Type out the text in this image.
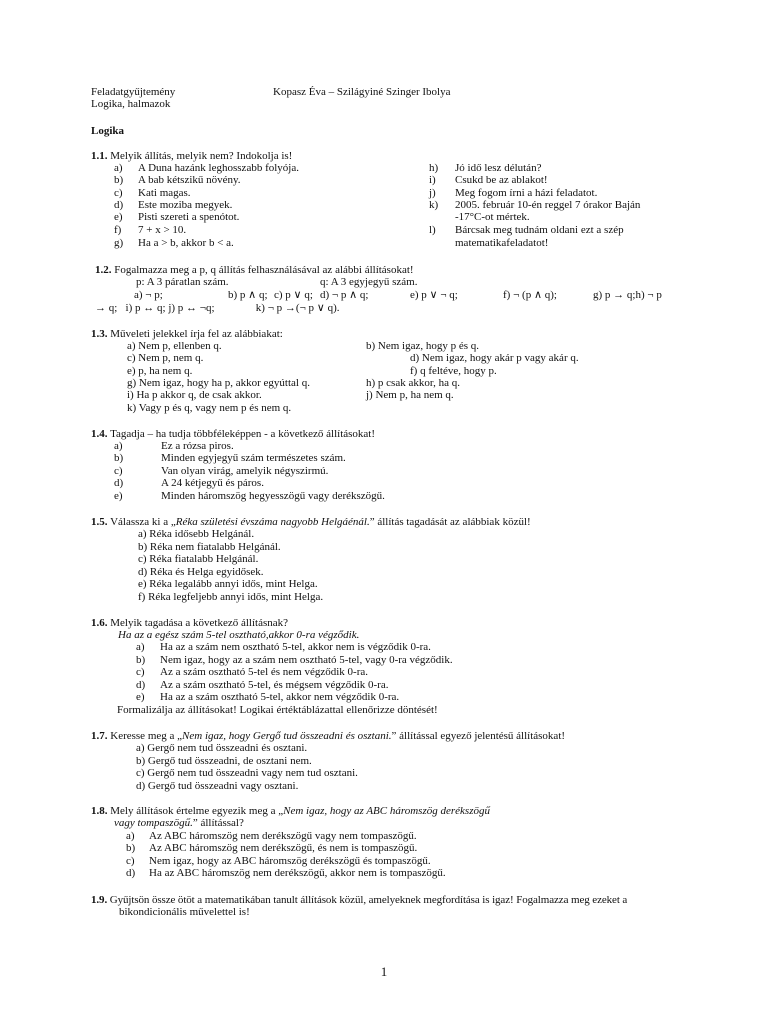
Feladatgyűjtemény
Logika, halmazok
Kopasz Éva – Szilágyiné Szinger Ibolya
Logika
1.1. Melyik állítás, melyik nem? Indokolja is!
a) A Duna hazánk leghosszabb folyója.
b) A bab kétszikű növény.
c) Kati magas.
d) Este moziba megyek.
e) Pisti szereti a spenótot.
f) 7 + x > 10.
g) Ha a > b, akkor b < a.
h) Jó idő lesz délután?
i) Csukd be az ablakot!
j) Meg fogom írni a házi feladatot.
k) 2005. február 10-én reggel 7 órakor Baján
-17°C-ot mértek.
l) Bárcsak meg tudnám oldani ezt a szép
matematikafeladatot!
1.2. Fogalmazza meg a p, q állítás felhasználásával az alábbi állításokat!
p: A 3 páratlan szám.	q: A 3 egyjegyű szám.
a) ¬ p;	b) p ∧ q; c) p ∨ q; d) ¬ p ∧ q;	e) p ∨ ¬ q;	f) ¬ (p ∧ q);	g) p → q;h) ¬ p
→ q;   i) p ↔ q; j) p ↔ ¬q;               k) ¬ p →(¬ p ∨ q).
1.3. Műveleti jelekkel írja fel az alábbiakat:
a) Nem p, ellenben q.	b) Nem igaz, hogy p és q.
c) Nem p, nem q.	d) Nem igaz, hogy akár p vagy akár q.
e) p, ha nem q.	f) q feltéve, hogy p.
g) Nem igaz, hogy ha p, akkor egyúttal q.	h) p csak akkor, ha q.
i) Ha p akkor q, de csak akkor.	j) Nem p, ha nem q.
k) Vagy p és q, vagy nem p és nem q.
1.4. Tagadja – ha tudja többféleképpen - a következő állításokat!
a)	Ez a rózsa piros.
b)	Minden egyjegyű szám természetes szám.
c)	Van olyan virág, amelyik négyszirmú.
d)	A 24 kétjegyű és páros.
e)	Minden háromszög hegyesszögű vagy derékszögű.
1.5. Válassza ki a „Réka születési évszáma nagyobb Helgáénál.” állítás tagadását az alábbiak közül!
a) Réka idősebb Helgánál.
b) Réka nem fiatalabb Helgánál.
c) Réka fiatalabb Helgánál.
d) Réka és Helga egyidősek.
e) Réka legalább annyi idős, mint Helga.
f) Réka legfeljebb annyi idős, mint Helga.
1.6. Melyik tagadása a következő állításnak?
Ha az a egész szám 5-tel osztható,akkor 0-ra végződik.
a) Ha az a szám nem osztható 5-tel, akkor nem is végződik 0-ra.
b) Nem igaz, hogy az a szám nem osztható 5-tel, vagy 0-ra végződik.
c) Az a szám osztható 5-tel és nem végződik 0-ra.
d) Az a szám osztható 5-tel, és mégsem végződik 0-ra.
e) Ha az a szám osztható 5-tel, akkor nem végződik 0-ra.
Formalizálja az állításokat! Logikai értéktáblázattal ellenőrizze döntését!
1.7. Keresse meg a „Nem igaz, hogy Gergő tud összeadni és osztani.” állítással egyező jelentésű állításokat!
a) Gergő nem tud összeadni és osztani.
b) Gergő tud összeadni, de osztani nem.
c) Gergő nem tud összeadni vagy nem tud osztani.
d) Gergő tud összeadni vagy osztani.
1.8. Mely állítások értelme egyezik meg a „Nem igaz, hogy az ABC háromszög derékszögű
vagy tompaszögű.” állítással?
a) Az ABC háromszög nem derékszögű vagy nem tompaszögű.
b) Az ABC háromszög nem derékszögű, és nem is tompaszögű.
c) Nem igaz, hogy az ABC háromszög derékszögű és tompaszögű.
d) Ha az ABC háromszög nem derékszögű, akkor nem is tompaszögű.
1.9. Gyűjtsön össze ötöt a matematikában tanult állítások közül, amelyeknek megfordítása is igaz! Fogalmazza meg ezeket a
bikondicionális művelettel is!
1
